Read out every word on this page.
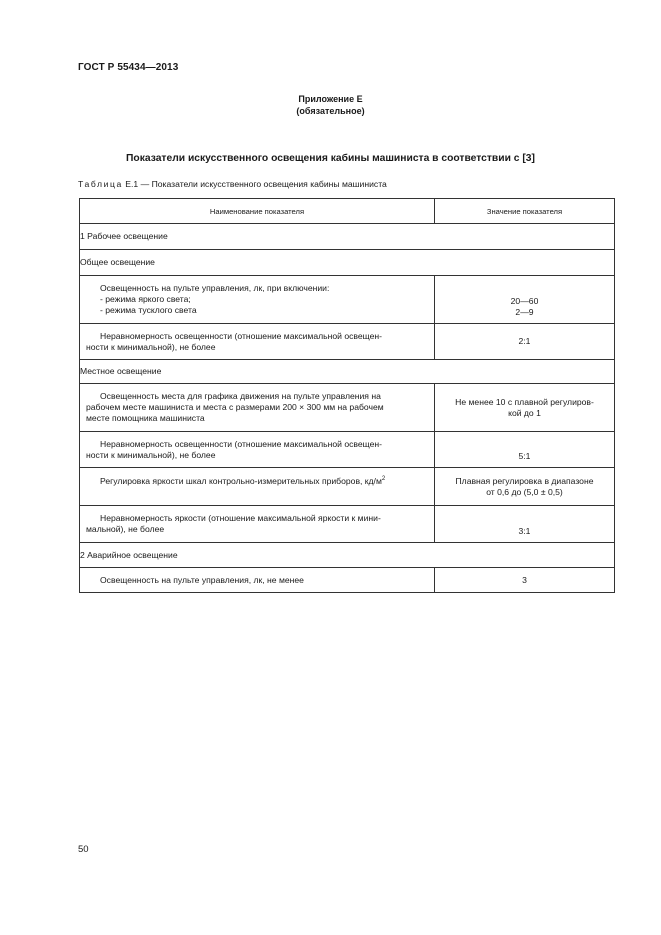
ГОСТ Р 55434—2013
Приложение Е
(обязательное)
Показатели искусственного освещения кабины машиниста в соответствии с [3]
Таблица Е.1 — Показатели искусственного освещения кабины машиниста
Наименование показателя	Значение показателя
1 Рабочее освещение	
Общее освещение	

Освещенность на пульте управления, лк, при включении:
- режима яркого света;
- режима тусклого света	20—60
2—9

Неравномерность освещенности (отношение максимальной освещен-
ности к минимальной), не более	2:1

Местное освещение	

Освещенность места для графика движения на пульте управления на
рабочем месте машиниста и места с размерами 200 × 300 мм на рабочем
месте помощника машиниста	Не менее 10 с плавной регулиров-
кой до 1

Неравномерность освещенности (отношение максимальной освещен-
ности к минимальной), не более	5:1

Регулировка яркости шкал контрольно-измерительных приборов, $кд/м^2$	Плавная регулировка в диапазоне
от 0,6 до (5,0 ± 0,5)

Неравномерность яркости (отношение максимальной яркости к мини-
мальной), не более	3:1

2 Аварийное освещение	

Освещенность на пульте управления, лк, не менее	3
50
